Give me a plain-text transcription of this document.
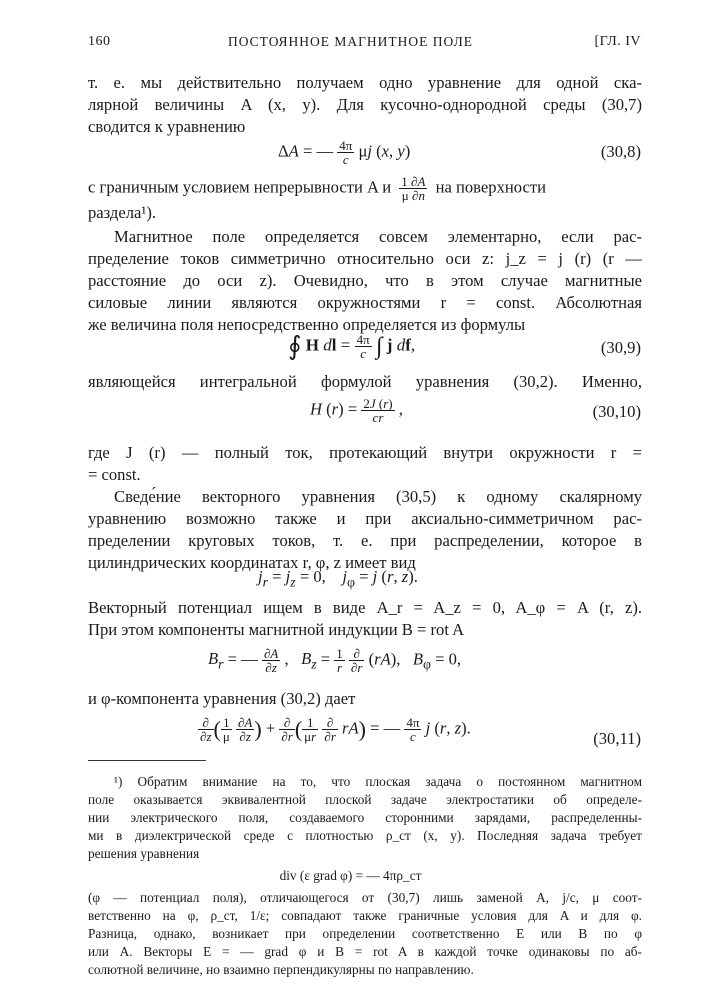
160	ПОСТОЯННОЕ МАГНИТНОЕ ПОЛЕ	[ГЛ. IV
т. е. мы действительно получаем одно уравнение для одной ска-
лярной величины A (x, y). Для кусочно-однородной среды (30,7)
сводится к уравнению
ΔA = — $\frac{4\pi}{c}$ μj (x, y)	(30,8)
с граничным условием непрерывности A и $\frac{1 \partial A}{\mu \partial n}$ на поверхности
раздела¹).
Магнитное поле определяется совсем элементарно, если рас-
пределение токов симметрично относительно оси z: j_z = j (r) (r —
расстояние до оси z). Очевидно, что в этом случае магнитные
силовые линии являются окружностями r = const. Абсолютная
же величина поля непосредственно определяется из формулы
∮ H dl = $\frac{4\pi}{c}$ ∫ j df,	(30,9)
являющейся интегральной формулой уравнения (30,2). Именно,
H $(r) = \frac{2J (r)}{cr}$ ,	(30,10)
где J (r) — полный ток, протекающий внутри окружности r =
= const.
Сведе́ние векторного уравнения (30,5) к одному скалярному
уравнению возможно также и при аксиально-симметричном рас-
пределении круговых токов, т. е. при распределении, которое в
цилиндрических координатах r, φ, z имеет вид
$j_r = j_z = 0$,    $j_\varphi = j$ (r, z).
Векторный потенциал ищем в виде A_r = A_z = 0, A_φ = A (r, z).
При этом компоненты магнитной индукции B = rot A
$B_r$ = — $\frac{\partial A}{\partial z}$ ,   $B_z = \frac{1}{r}$
$\frac{\partial}{\partial r} (rA)$,   $B_\varphi = 0$,
и φ-компонента уравнения (30,2) дает
$\frac{\partial}{\partial z}$ ( $\frac{1}{\mu}$
$\frac{\partial A}{\partial z}$ ) + $\frac{\partial}{\partial r}$ ( $\frac{1}{\mu r}$
$\frac{\partial}{\partial r} rA$) = — $\frac{4\pi}{c}$ j (r, z).
(30,11)
¹) Обратим внимание на то, что плоская задача о постоянном магнитном
поле оказывается эквивалентной плоской задаче электростатики об определе-
нии электрического поля, создаваемого сторонними зарядами, распределенны-
ми в диэлектрической среде с плотностью ρ_ст (x, y). Последняя задача требует
решения уравнения
div (ε grad φ) = — 4πρ_ст
(φ — потенциал поля), отличающегося от (30,7) лишь заменой A, j/c, μ соот-
ветственно на φ, ρ_ст, 1/ε; совпадают также граничные условия для A и для φ.
Разница, однако, возникает при определении соответственно E или B по φ
или A. Векторы E = — grad φ и B = rot A в каждой точке одинаковы по аб-
солютной величине, но взаимно перпендикулярны по направлению.
